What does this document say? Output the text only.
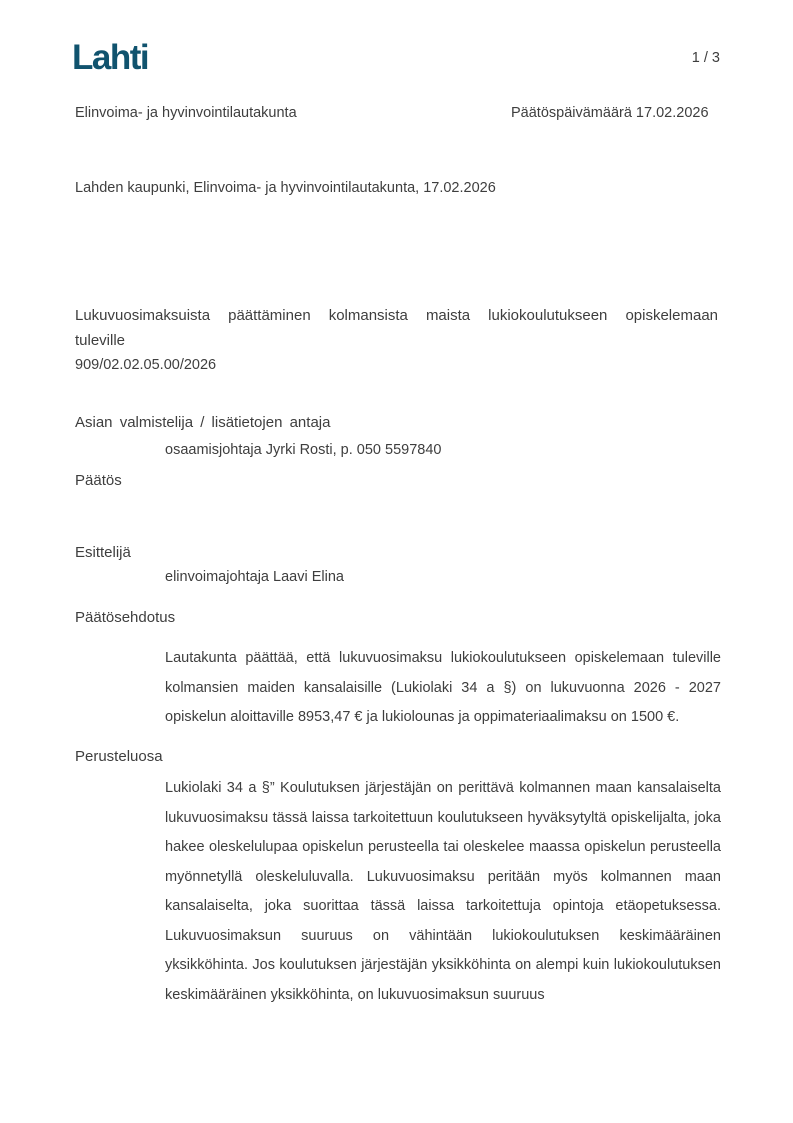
Lahti	1 / 3
Elinvoima- ja hyvinvointilautakunta	Päätöspäivämäärä 17.02.2026
Lahden kaupunki, Elinvoima- ja hyvinvointilautakunta, 17.02.2026
Lukuvuosimaksuista päättäminen kolmansista maista lukiokoulutukseen opiskelemaan tuleville
909/02.02.05.00/2026
Asian valmistelija / lisätietojen antaja
osaamisjohtaja Jyrki Rosti, p. 050 5597840
Päätös
Esittelijä
elinvoimajohtaja Laavi Elina
Päätösehdotus
Lautakunta päättää, että lukuvuosimaksu lukiokoulutukseen opiskelemaan tuleville kolmansien maiden kansalaisille (Lukiolaki 34 a §) on lukuvuonna 2026 - 2027 opiskelun aloittaville 8953,47 € ja lukiolounas ja oppimateriaalimaksu on 1500 €.
Perusteluosa
Lukiolaki 34 a §” Koulutuksen järjestäjän on perittävä kolmannen maan kansalaiselta lukuvuosimaksu tässä laissa tarkoitettuun koulutukseen hyväksytyltä opiskelijalta, joka hakee oleskelulupaa opiskelun perusteella tai oleskelee maassa opiskelun perusteella myönnetyllä oleskeluluvalla. Lukuvuosimaksu peritään myös kolmannen maan kansalaiselta, joka suorittaa tässä laissa tarkoitettuja opintoja etäopetuksessa. Lukuvuosimaksun suuruus on vähintään lukiokoulutuksen keskimääräinen yksikköhinta. Jos koulutuksen järjestäjän yksikköhinta on alempi kuin lukiokoulutuksen keskimääräinen yksikköhinta, on lukuvuosimaksun suuruus
